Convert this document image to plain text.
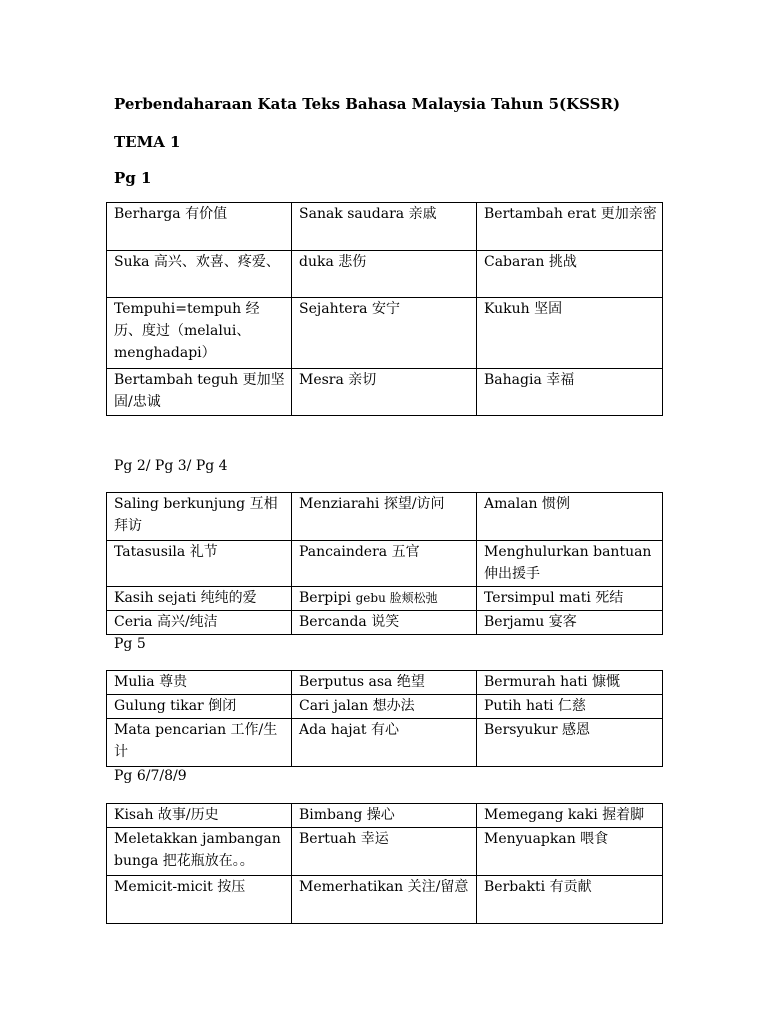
Perbendaharaan Kata Teks Bahasa Malaysia Tahun 5(KSSR)
TEMA 1
Pg 1
Berharga 有价值	Sanak saudara 亲戚	Bertambah erat 更加亲密
Suka 高兴、欢喜、疼爱、	duka 悲伤	Cabaran 挑战
Tempuhi=tempuh 经历、度过（melalui、menghadapi）	Sejahtera 安宁	Kukuh 坚固
Bertambah teguh 更加坚固/忠诚	Mesra 亲切	Bahagia 幸福
Pg 2/ Pg 3/ Pg 4
Saling berkunjung 互相拜访	Menziarahi 探望/访问	Amalan 惯例
Tatasusila 礼节	Pancaindera 五官	Menghulurkan bantuan 伸出援手
Kasih sejati 纯纯的爱	Berpipi gebu 脸颊松弛	Tersimpul mati 死结
Ceria 高兴/纯洁	Bercanda 说笑	Berjamu 宴客
Pg 5
Mulia 尊贵	Berputus asa 绝望	Bermurah hati 慷慨
Gulung tikar 倒闭	Cari jalan 想办法	Putih hati 仁慈
Mata pencarian 工作/生计	Ada hajat 有心	Bersyukur 感恩
Pg 6/7/8/9
Kisah 故事/历史	Bimbang 操心	Memegang kaki 握着脚
Meletakkan jambangan bunga 把花瓶放在。。	Bertuah 幸运	Menyuapkan 喂食
Memicit-micit 按压	Memerhatikan 关注/留意	Berbakti 有贡献
